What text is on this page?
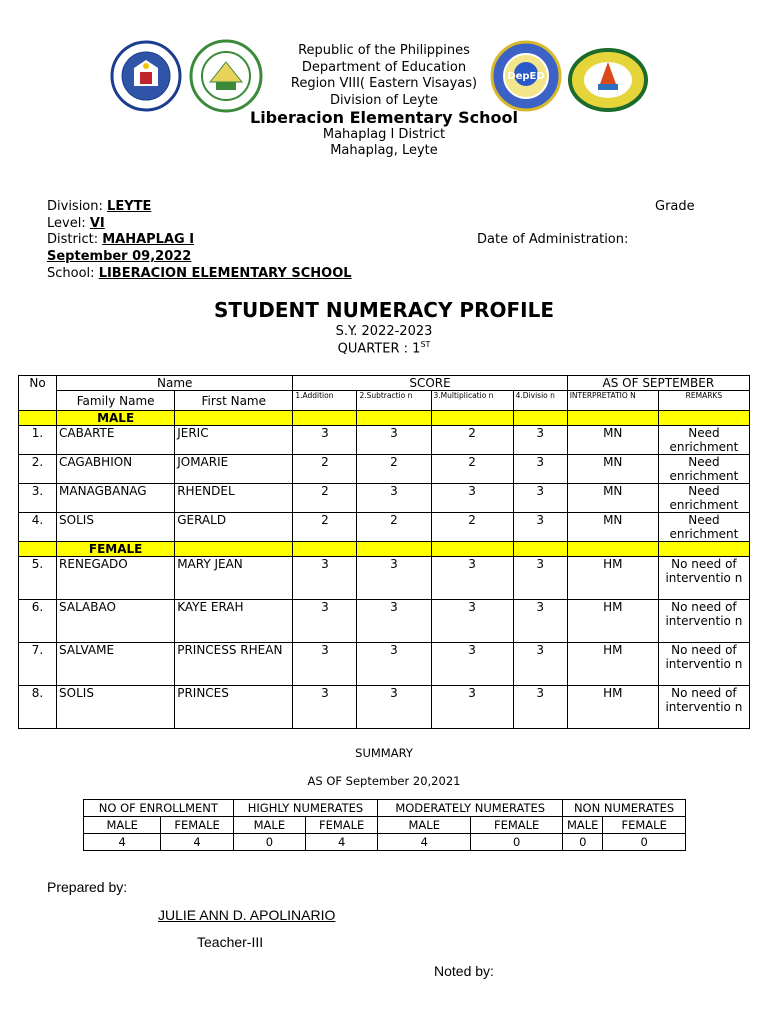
DepED
Republic of the Philippines
Department of Education
Region VIII( Eastern Visayas)
Division of Leyte
Liberacion Elementary School
Mahaplag I District
Mahaplag, Leyte
Division: LEYTE	Grade
Level: VI
District: MAHAPLAG I	Date of Administration:
September 09,2022
School: LIBERACION ELEMENTARY SCHOOL
STUDENT NUMERACY PROFILE
S.Y. 2022-2023
QUARTER : 1ST
No	Name		SCORE				AS OF SEPTEMBER	
	Family Name	First Name	1.Addition	2.Subtractio n	3.Multiplicatio n	4.Divisio n	INTERPRETATIO N	REMARKS
	MALE							
1.	CABARTE	JERIC	3	3	2	3	MN	Need enrichment
2.	CAGABHION	JOMARIE	2	2	2	3	MN	Need enrichment
3.	MANAGBANAG	RHENDEL	2	3	3	3	MN	Need enrichment
4.	SOLIS	GERALD	2	2	2	3	MN	Need enrichment
	FEMALE							
5.	RENEGADO	MARY JEAN	3	3	3	3	HM	No need of interventio n
6.	SALABAO	KAYE ERAH	3	3	3	3	HM	No need of interventio n
7.	SALVAME	PRINCESS RHEAN	3	3	3	3	HM	No need of interventio n
8.	SOLIS	PRINCES	3	3	3	3	HM	No need of interventio n
SUMMARY
AS OF September 20,2021
NO OF ENROLLMENT		HIGHLY NUMERATES		MODERATELY NUMERATES		NON NUMERATES	
MALE	FEMALE	MALE	FEMALE	MALE	FEMALE	MALE	FEMALE
4	4	0	4	4	0	0	0
Prepared by:
JULIE ANN D. APOLINARIO
Teacher-III
Noted by:
